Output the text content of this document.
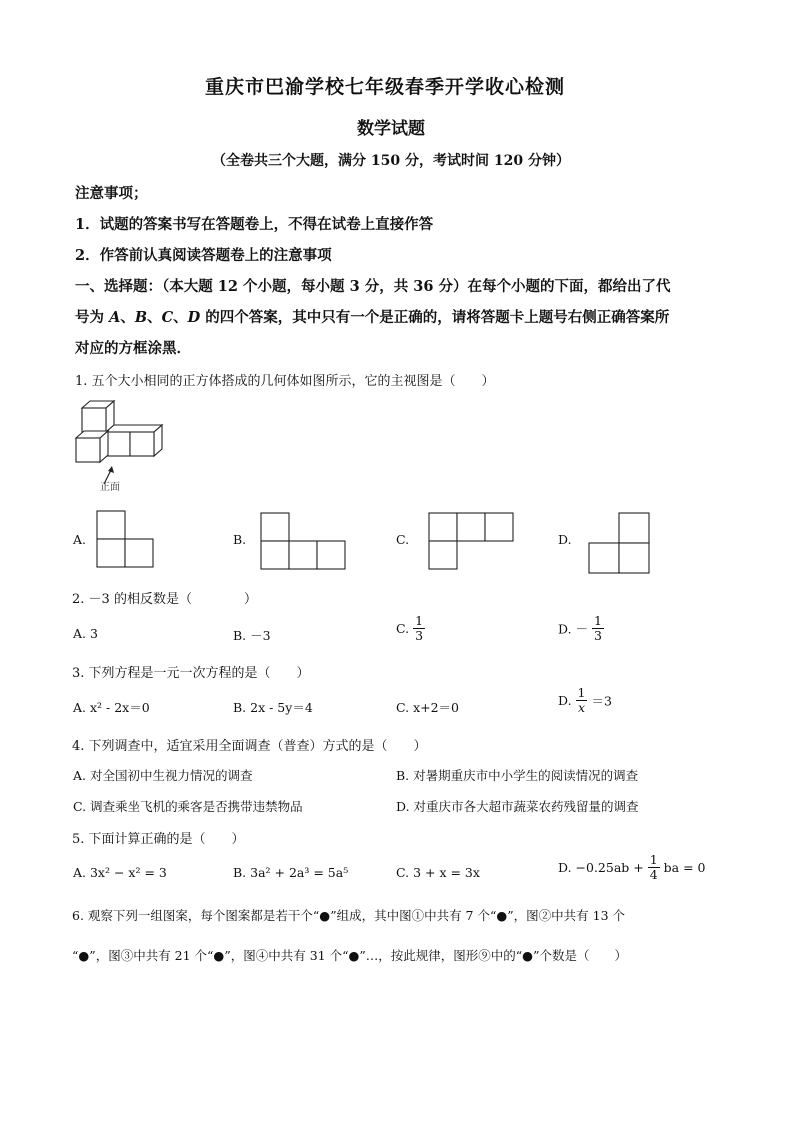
重庆市巴渝学校七年级春季开学收心检测
数学试题
（全卷共三个大题，满分 150 分，考试时间 120 分钟）
注意事项；
1．试题的答案书写在答题卷上，不得在试卷上直接作答
2．作答前认真阅读答题卷上的注意事项
一、选择题：（本大题 12 个小题，每小题 3 分，共 36 分）在每个小题的下面，都给出了代
号为 A、B、C、D 的四个答案，其中只有一个是正确的，请将答题卡上题号右侧正确答案所
对应的方框涂黑．
1. 五个大小相同的正方体搭成的几何体如图所示，它的主视图是（　　）
正面
A.	B.	C.	D.
2. －3 的相反数是（　　　　）
A. 3	B. －3	C. $\frac{1}{3}$	D. － $\frac{1}{3}$
3. 下列方程是一元一次方程的是（　　）
A. x² - 2x＝0	B. 2x - 5y＝4	C. x+2＝0	D. $\frac{1}{x} =3$
4. 下列调查中，适宜采用全面调查（普查）方式的是（　　）
A. 对全国初中生视力情况的调查	B. 对暑期重庆市中小学生的阅读情况的调查
C. 调查乘坐飞机的乘客是否携带违禁物品	D. 对重庆市各大超市蔬菜农药残留量的调查
5. 下面计算正确的是（　　）
A. 3x² − x² = 3	B. 3a² + 2a³ = 5a⁵	C. 3 + x = 3x	D. $-0.25ab + \frac{1}{4}$ ba = 0
6. 观察下列一组图案，每个图案都是若干个“●”组成，其中图①中共有 7 个“●”，图②中共有 13 个
“●”，图③中共有 21 个“●”，图④中共有 31 个“●”…，按此规律，图形⑨中的“●”个数是（　　）
